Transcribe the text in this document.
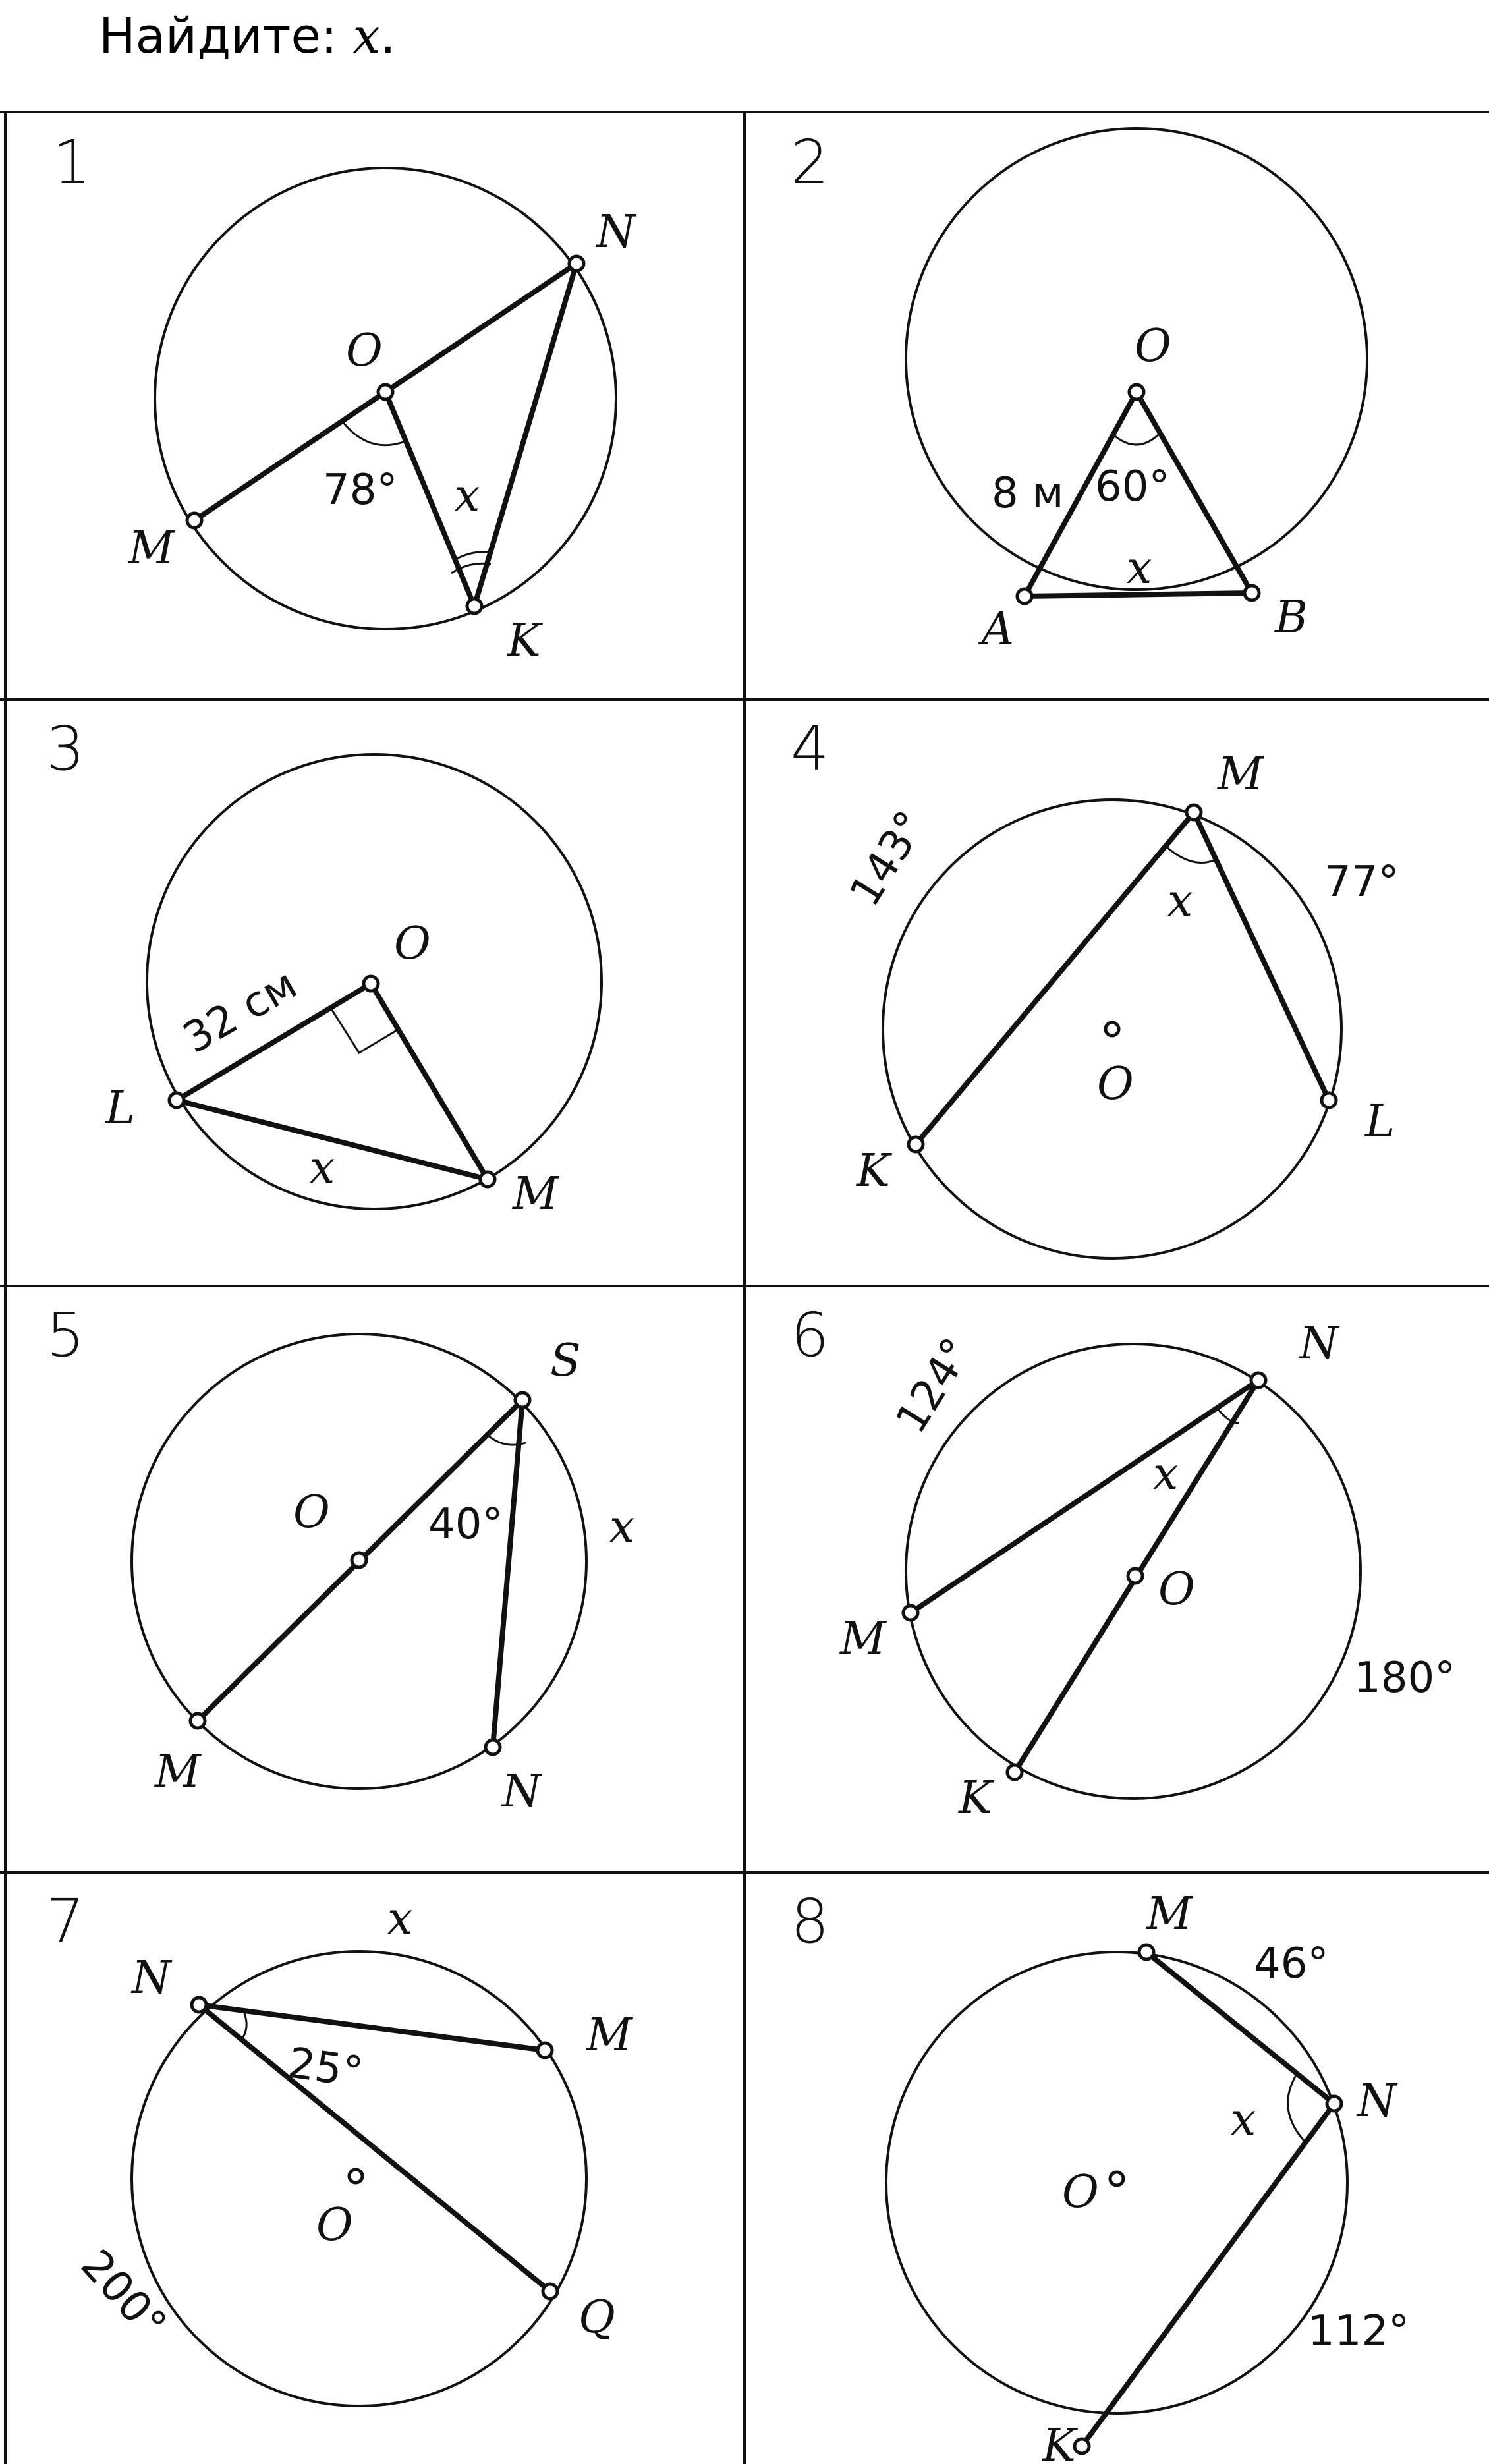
Найдите: x.
1
N
O
M
K
78° x
2
O
A	B
8 м 60°
x
3
O
L
M
32 см
x
4	M
O
K
L
143°	77°
x
5	S
O
M	N
40° x
6	N
O
M
K
124°
180°
x
7
N
M
O
Q
25°
200°
x	8	M
N
O
K
46°
112°
x
